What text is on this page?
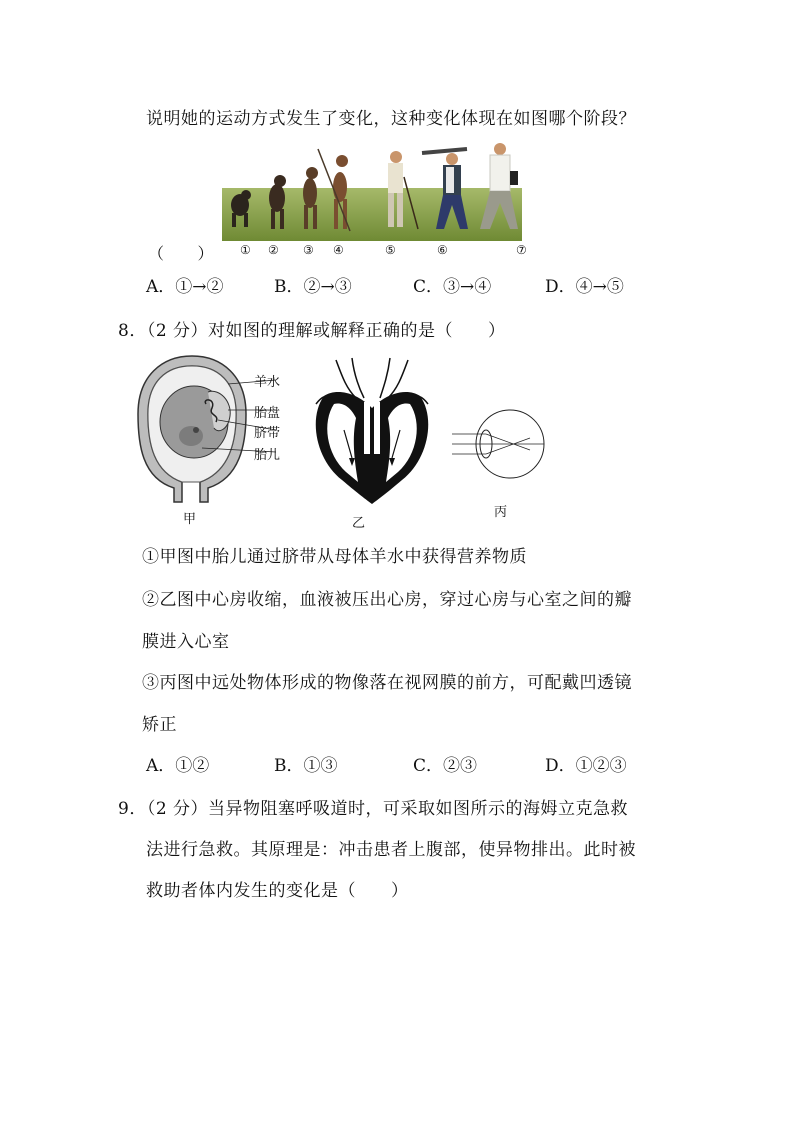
说明她的运动方式发生了变化，这种变化体现在如图哪个阶段？
（　　） ① ② ③ ④	⑤	⑥	⑦
A．①→②	B．②→③	C．③→④	D．④→⑤
8．（2 分）对如图的理解或解释正确的是（　　）
羊水
胎盘
脐带
胎儿
甲	乙
丙
①甲图中胎儿通过脐带从母体羊水中获得营养物质
②乙图中心房收缩，血液被压出心房，穿过心房与心室之间的瓣
膜进入心室
③丙图中远处物体形成的物像落在视网膜的前方，可配戴凹透镜
矫正
A．①②	B．①③	C．②③	D．①②③
9．（2 分）当异物阻塞呼吸道时，可采取如图所示的海姆立克急救
法进行急救。其原理是：冲击患者上腹部，使异物排出。此时被
救助者体内发生的变化是（　　）
